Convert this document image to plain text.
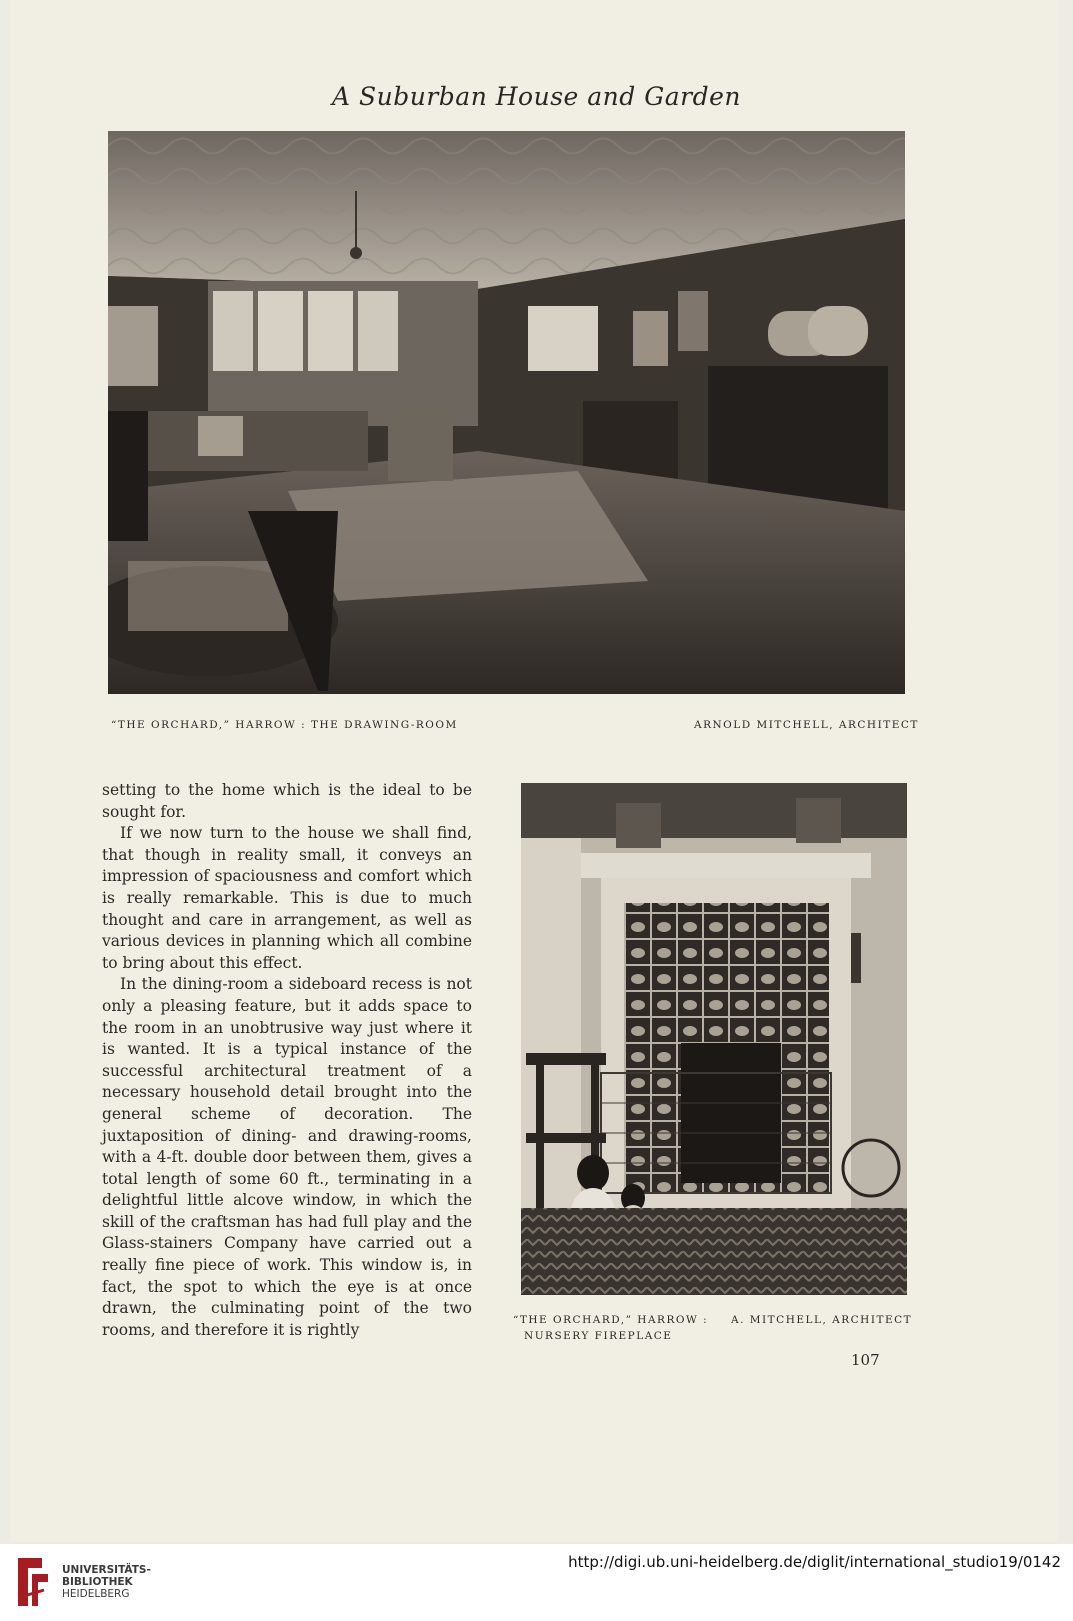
A Suburban House and Garden
“THE ORCHARD,” HARROW : THE DRAWING-ROOM	ARNOLD MITCHELL, ARCHITECT

setting to the home which is the ideal to be sought for.

If we now turn to the house we shall find, that though in reality small, it conveys an impression of spaciousness and comfort which is really remarkable. This is due to much thought and care in arrangement, as well as various devices in planning which all combine to bring about this effect.

In the dining-room a sideboard recess is not only a pleasing feature, but it adds space to the room in an unobtrusive way just where it is wanted. It is a typical instance of the successful architectural treatment of a necessary household detail brought into the general scheme of decoration. The juxtaposition of dining- and drawing-rooms, with a 4-ft. double door between them, gives a total length of some 60 ft., terminating in a delightful little alcove window, in which the skill of the craftsman has had full play and the Glass-stainers Company have carried out a really fine piece of work. This window is, in fact, the spot to which the eye is at once drawn, the culminating point of the two rooms, and therefore it is rightly

“THE ORCHARD,” HARROW : A. MITCHELL, ARCHITECT
NURSERY FIREPLACE
107
UNIVERSITÄTS-
BIBLIOTHEK
HEIDELBERG
http://digi.ub.uni-heidelberg.de/diglit/international_studio19/0142
